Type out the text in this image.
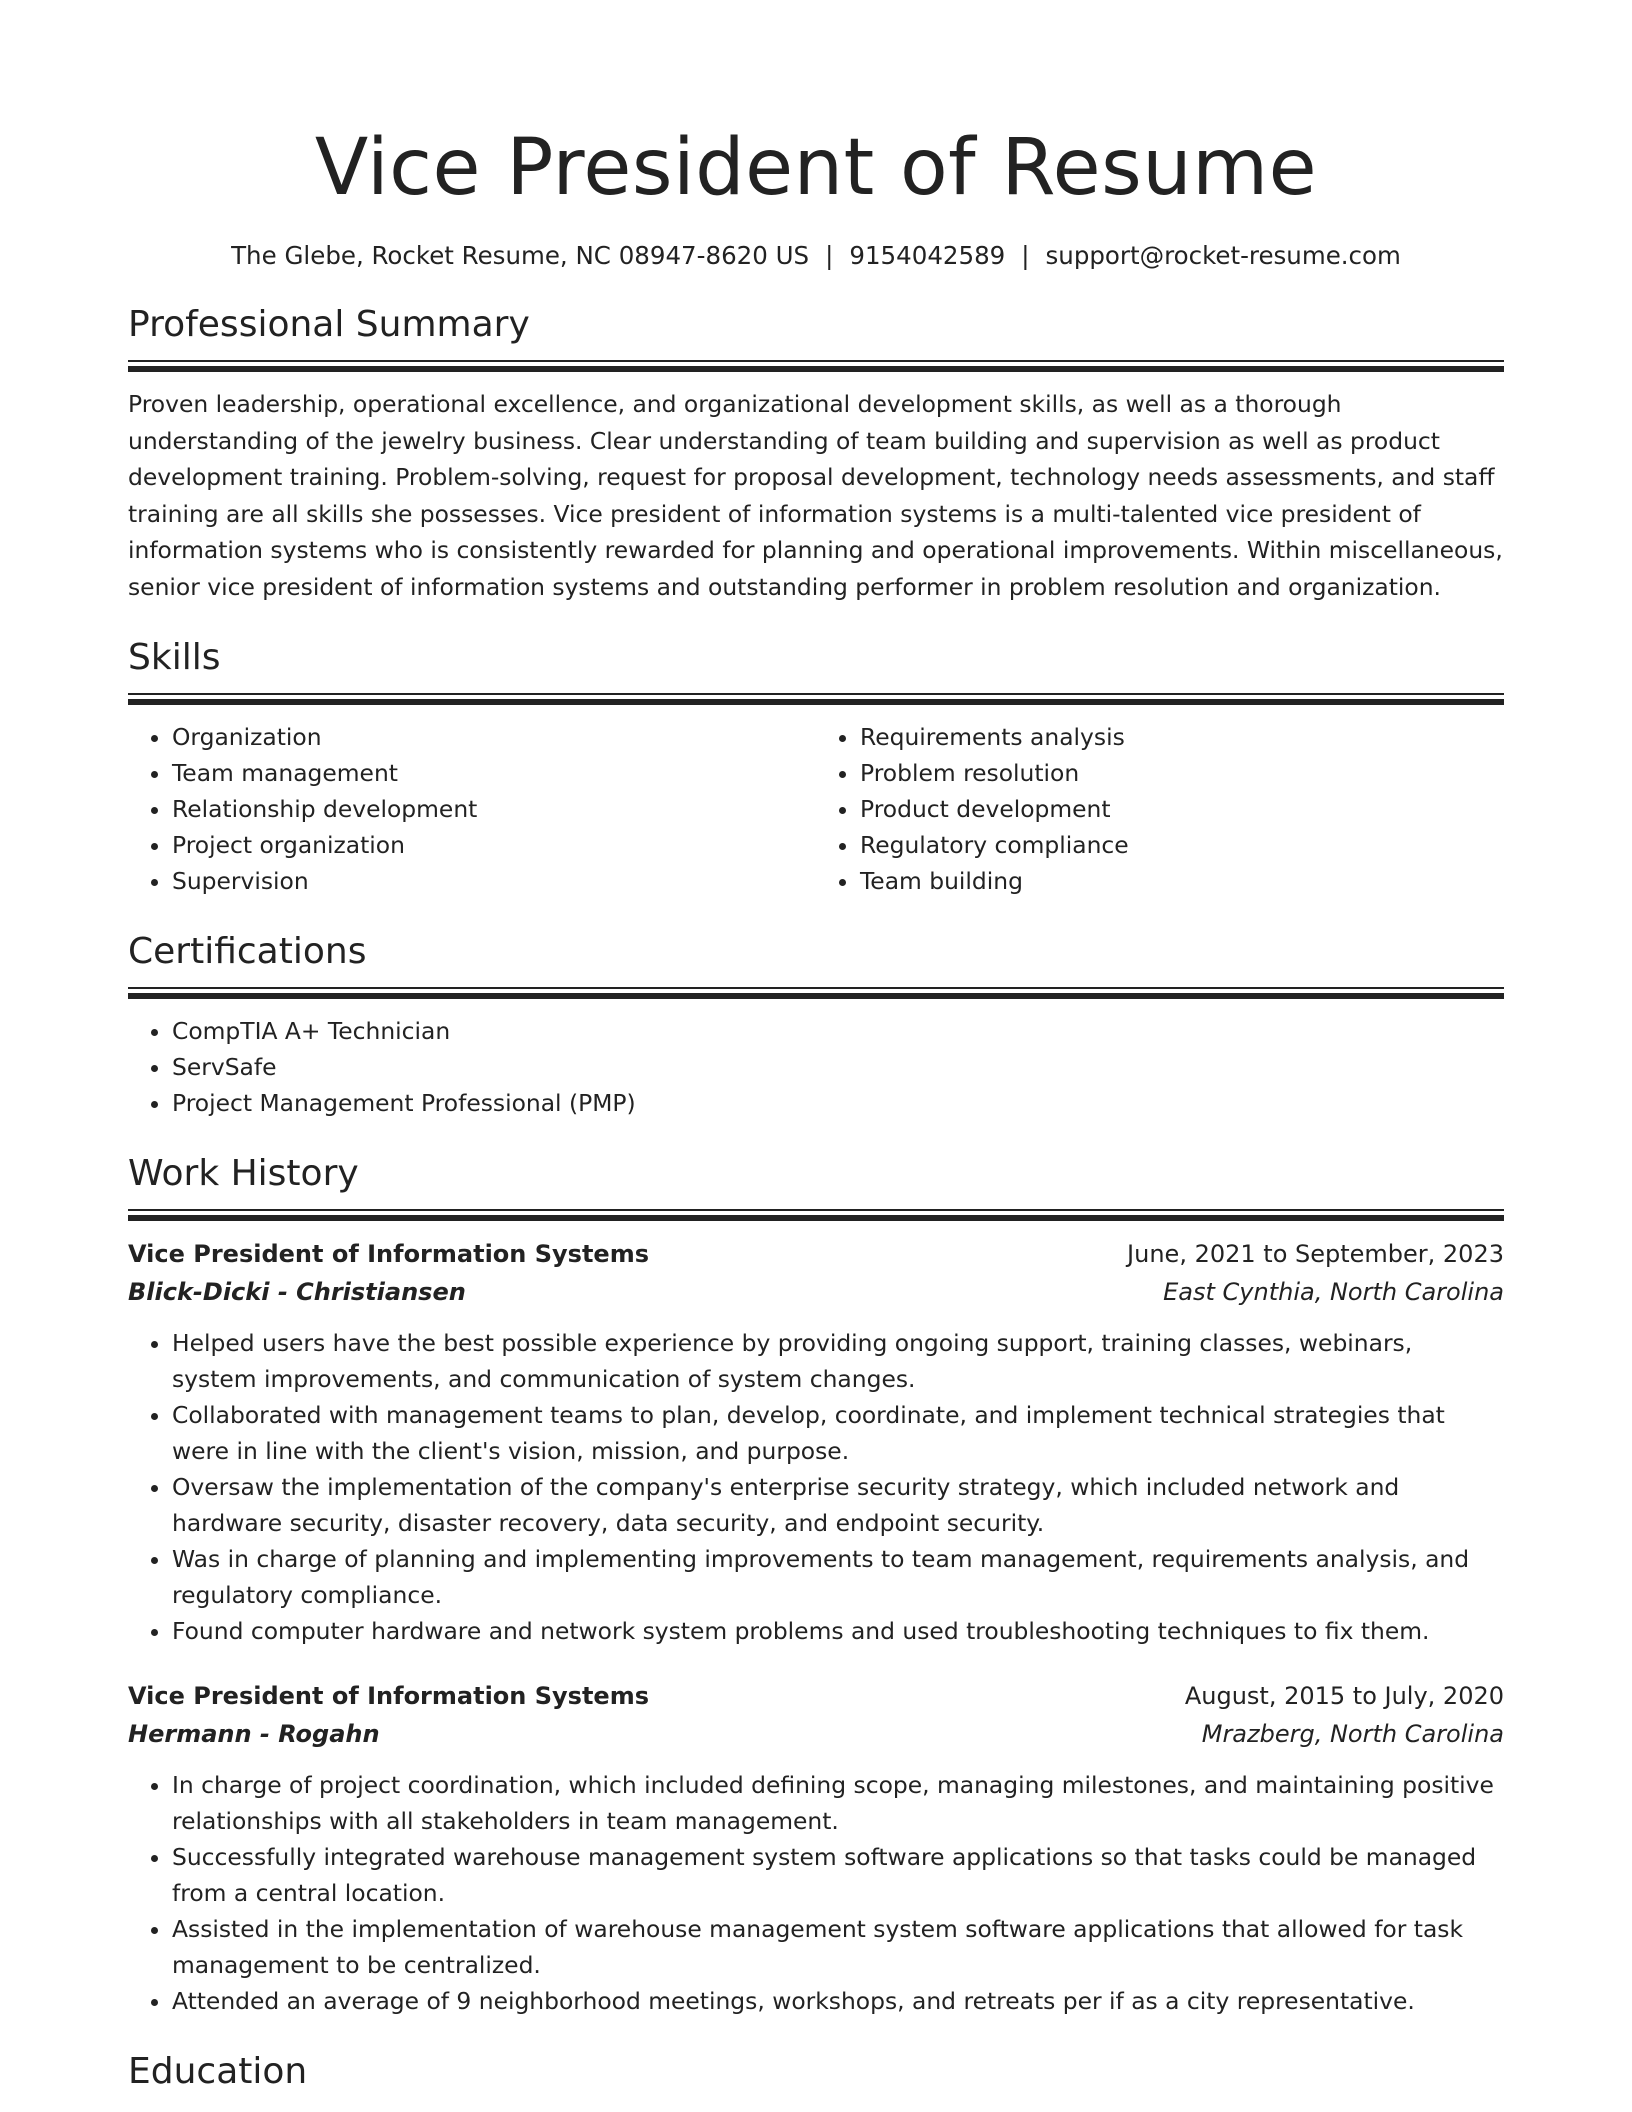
Vice President of Resume
The Glebe, Rocket Resume, NC 08947-8620 US | 9154042589 | support@rocket-resume.com
Professional Summary

Proven leadership, operational excellence, and organizational development skills, as well as a thorough understanding of the jewelry business. Clear understanding of team building and supervision as well as product development training. Problem-solving, request for proposal development, technology needs assessments, and staff training are all skills she possesses. Vice president of information systems is a multi-talented vice president of information systems who is consistently rewarded for planning and operational improvements. Within miscellaneous, senior vice president of information systems and outstanding performer in problem resolution and organization.

Skills
• Organization
• Team management
• Relationship development
• Project organization
• Supervision
• Requirements analysis
• Problem resolution
• Product development
• Regulatory compliance
• Team building
Certifications
• CompTIA A+ Technician
• ServSafe
• Project Management Professional (PMP)
Work History
Vice President of Information Systems	June, 2021 to September, 2023
Blick-Dicki - Christiansen	East Cynthia, North Carolina
• Helped users have the best possible experience by providing ongoing support, training classes, webinars, system improvements, and communication of system changes.
• Collaborated with management teams to plan, develop, coordinate, and implement technical strategies that were in line with the client's vision, mission, and purpose.
• Oversaw the implementation of the company's enterprise security strategy, which included network and hardware security, disaster recovery, data security, and endpoint security.
• Was in charge of planning and implementing improvements to team management, requirements analysis, and regulatory compliance.
• Found computer hardware and network system problems and used troubleshooting techniques to fix them.
Vice President of Information Systems	August, 2015 to July, 2020
Hermann - Rogahn	Mrazberg, North Carolina
• In charge of project coordination, which included defining scope, managing milestones, and maintaining positive relationships with all stakeholders in team management.
• Successfully integrated warehouse management system software applications so that tasks could be managed from a central location.
• Assisted in the implementation of warehouse management system software applications that allowed for task management to be centralized.
• Attended an average of 9 neighborhood meetings, workshops, and retreats per if as a city representative.
Education
